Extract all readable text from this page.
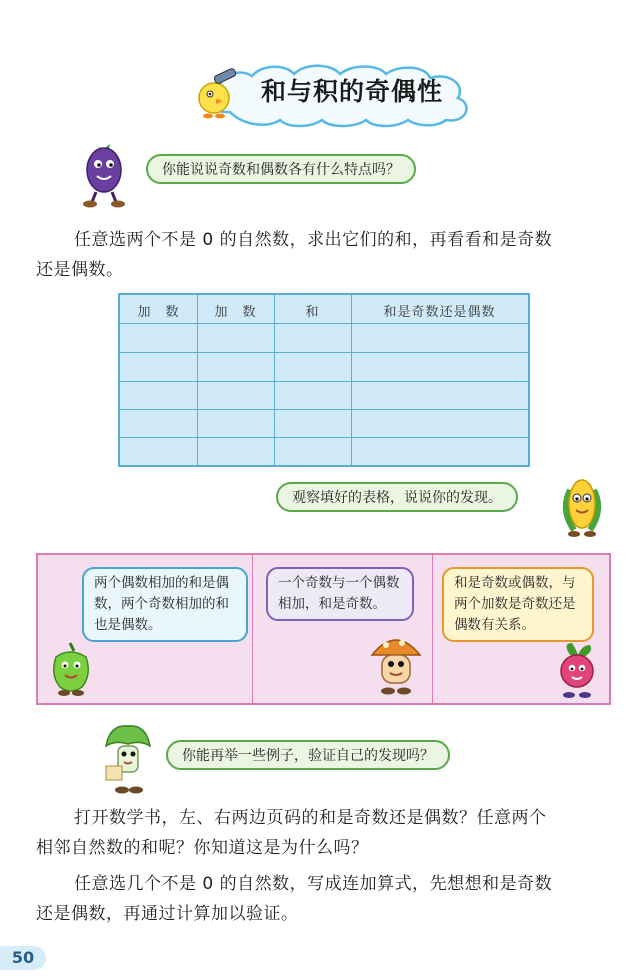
和与积的奇偶性
你能说说奇数和偶数各有什么特点吗？
任意选两个不是 0 的自然数，求出它们的和，再看看和是奇数
还是偶数。
加　数	加　数	和	和是奇数还是偶数
观察填好的表格，说说你的发现。
两个偶数相加的和是偶数，两个奇数相加的和也是偶数。
一个奇数与一个偶数相加，和是奇数。
和是奇数或偶数，与两个加数是奇数还是偶数有关系。
你能再举一些例子，验证自己的发现吗？
打开数学书，左、右两边页码的和是奇数还是偶数？任意两个
相邻自然数的和呢？你知道这是为什么吗？
任意选几个不是 0 的自然数，写成连加算式，先想想和是奇数
还是偶数，再通过计算加以验证。
50
